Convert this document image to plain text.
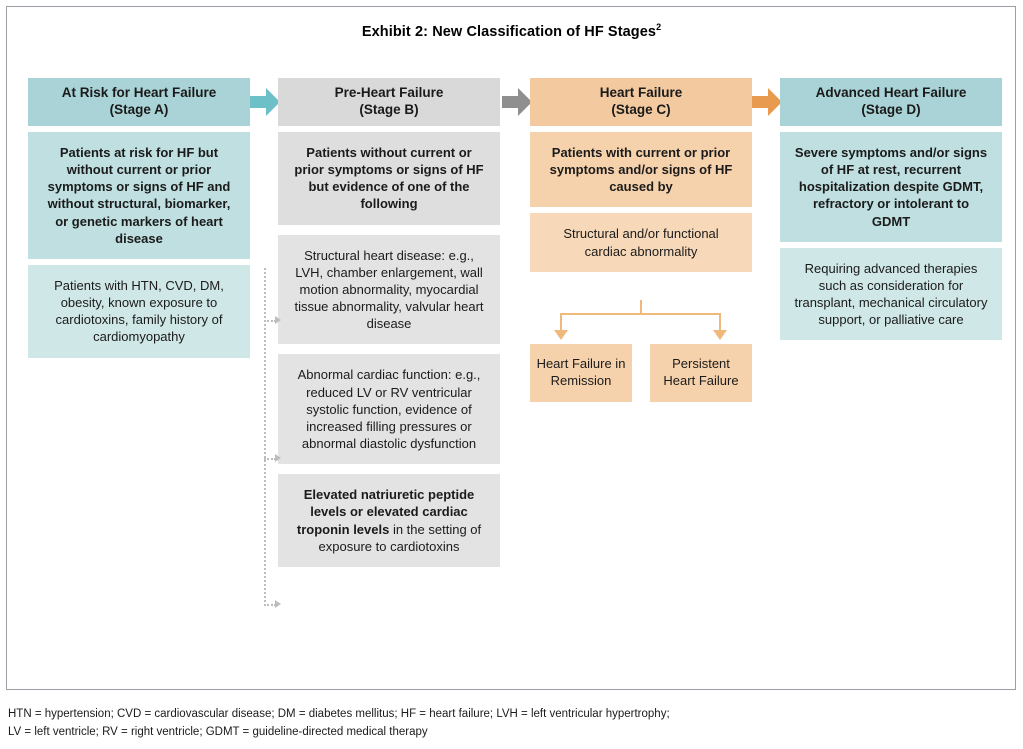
Exhibit 2: New Classification of HF Stages$^2$
At Risk for Heart Failure
(Stage A)
Patients at risk for HF but without current or prior symptoms or signs of HF and without structural, biomarker, or genetic markers of heart disease
Patients with HTN, CVD, DM, obesity, known exposure to cardiotoxins, family history of cardiomyopathy
Pre-Heart Failure
(Stage B)
Patients without current or prior symptoms or signs of HF but evidence of one of the following
Structural heart disease: e.g., LVH, chamber enlargement, wall motion abnormality, myocardial tissue abnormality, valvular heart disease
Abnormal cardiac function: e.g., reduced LV or RV ventricular systolic function, evidence of increased filling pressures or abnormal diastolic dysfunction
Elevated natriuretic peptide levels or elevated cardiac troponin levels in the setting of exposure to cardiotoxins
Heart Failure
(Stage C)
Patients with current or prior symptoms and/or signs of HF caused by
Structural and/or functional cardiac abnormality
Heart Failure in Remission
Persistent Heart Failure
Advanced Heart Failure
(Stage D)
Severe symptoms and/or signs of HF at rest, recurrent hospitalization despite GDMT, refractory or intolerant to GDMT
Requiring advanced therapies such as consideration for transplant, mechanical circulatory support, or palliative care
HTN = hypertension; CVD = cardiovascular disease; DM = diabetes mellitus; HF = heart failure; LVH = left ventricular hypertrophy;
LV = left ventricle; RV = right ventricle; GDMT = guideline-directed medical therapy
